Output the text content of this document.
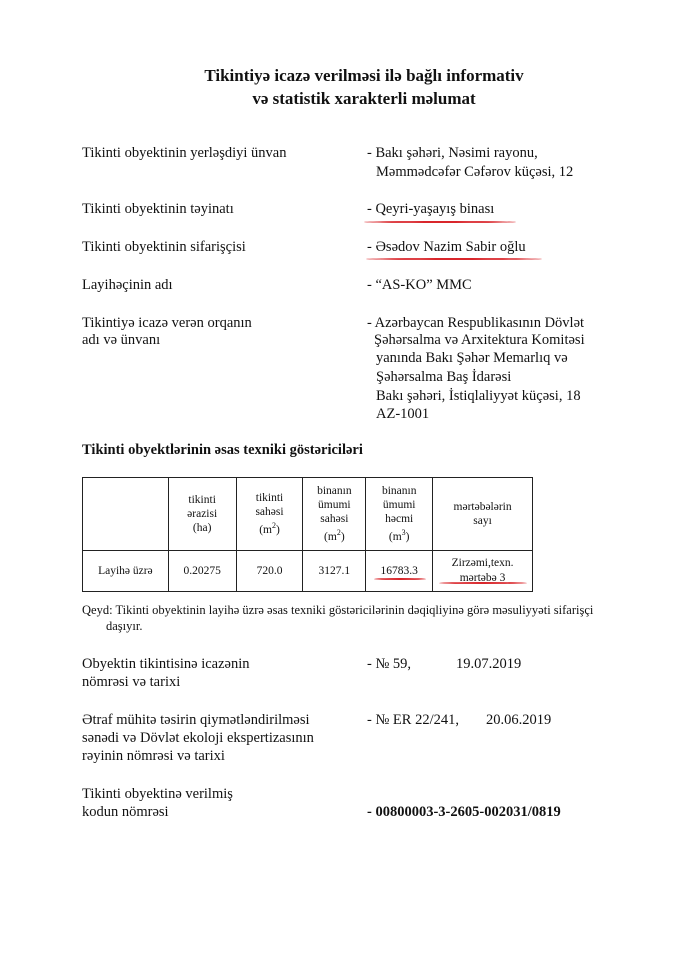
Tikintiyə icazə verilməsi ilə bağlı informativ
və statistik xarakterli məlumat
Tikinti obyektinin yerləşdiyi ünvan	- Bakı şəhəri, Nəsimi rayonu,
Məmmədcəfər Cəfərov küçəsi, 12
Tikinti obyektinin təyinatı	- Qeyri-yaşayış binası
Tikinti obyektinin sifarişçisi	- Əsədov Nazim Sabir oğlu
Layihəçinin adı	- “AS-KO” MMC
Tikintiyə icazə verən orqanın
adı və ünvanı
- Azərbaycan Respublikasının Dövlət
Şəhərsalma və Arxitektura Komitəsi
yanında Bakı Şəhər Memarlıq və
Şəhərsalma Baş İdarəsi
Bakı şəhəri, İstiqlaliyyət küçəsi, 18
AZ-1001
Tikinti obyektlərinin əsas texniki göstəriciləri
	tikinti
ərazisi
(ha)	tikinti
sahəsi
$(m^2)$	binanın
ümumi
sahəsi
$(m^2)$	binanın
ümumi
həcmi
$(m^3)$	mərtəbələrin
sayı
Layihə üzrə	0.20275	720.0	3127.1	16783.3	Zirzəmi,texn.
mərtəbə 3
Qeyd: Tikinti obyektinin layihə üzrə əsas texniki göstəricilərinin dəqiqliyinə görə məsuliyyəti sifarişçi
daşıyır.
Obyektin tikintisinə icazənin
nömrəsi və tarixi
- № 59,	19.07.2019
Ətraf mühitə təsirin qiymətləndirilməsi
sənədi və Dövlət ekoloji ekspertizasının
rəyinin nömrəsi və tarixi
- № ER 22/241, 20.06.2019
Tikinti obyektinə verilmiş
kodun nömrəsi	- 00800003-3-2605-002031/0819
